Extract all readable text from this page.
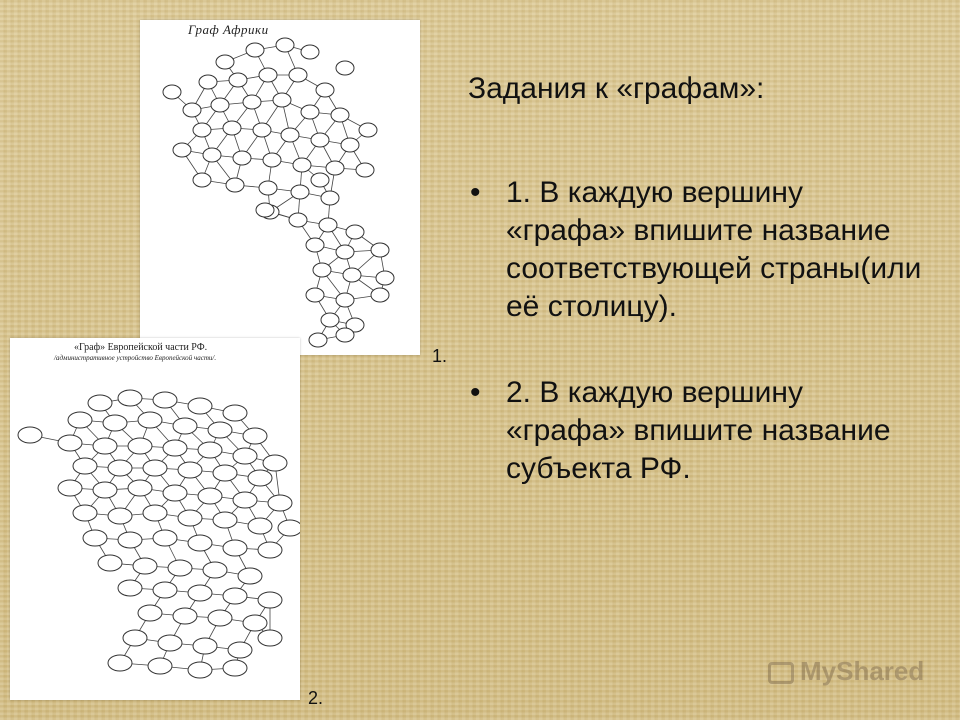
Граф Африки
1.
«Граф» Европейской части РФ.
/административное устройство Европейской части/.
2.
Задания к «графам»:
• 1. В каждую вершину «графа» впишите название соответствующей страны(или её столицу).
• 2. В каждую вершину «графа» впишите название субъекта РФ.
MyShared
